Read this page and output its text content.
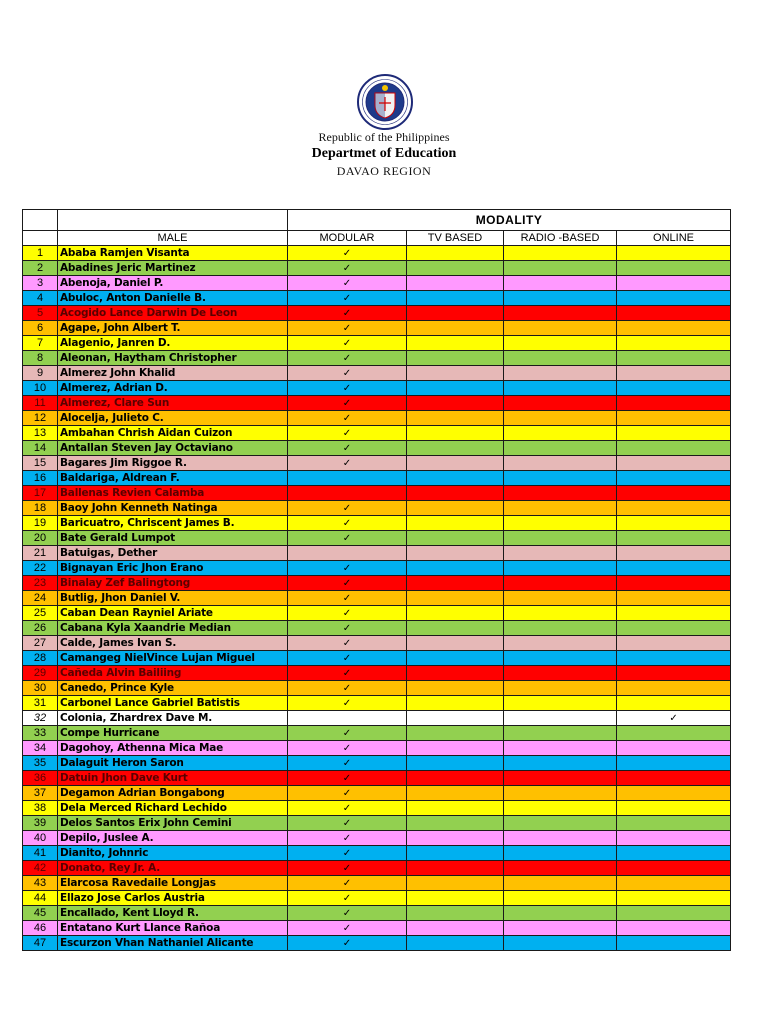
Republic of the Philippines
Departmet of Education
DAVAO REGION
		MODALITY			
	MALE	MODULAR	TV BASED	RADIO -BASED	ONLINE
1	Ababa Ramjen Visanta	✓			
2	Abadines Jeric Martinez	✓			
3	Abenoja, Daniel P.	✓			
4	Abuloc, Anton Danielle B.	✓			
5	Acogido Lance Darwin De Leon	✓			
6	Agape, John Albert T.	✓			
7	Alagenio, Janren D.	✓			
8	Aleonan, Haytham Christopher	✓			
9	Almerez John Khalid	✓			
10	Almerez, Adrian D.	✓			
11	Almerez, Clare Sun	✓			
12	Alocelja, Julieto C.	✓			
13	Ambahan Chrish Aidan Cuizon	✓			
14	Antallan Steven Jay Octaviano	✓			
15	Bagares Jim Riggoe R.	✓			
16	Baldariga, Aldrean F.				
17	Ballenas Revien Calamba				
18	Baoy John Kenneth Natinga	✓			
19	Baricuatro, Chriscent James B.	✓			
20	Bate Gerald Lumpot	✓			
21	Batuigas, Dether				
22	Bignayan Eric Jhon Erano	✓			
23	Binalay Zef Balingtong	✓			
24	Butlig, Jhon Daniel V.	✓			
25	Caban Dean Rayniel Ariate	✓			
26	Cabana Kyla Xaandrie Median	✓			
27	Calde, James Ivan S.	✓			
28	Camangeg NielVince Lujan Miguel	✓			
29	Cañeda Alvin Bailiing	✓			
30	Canedo, Prince Kyle	✓			
31	Carbonel Lance Gabriel Batistis	✓			
32	Colonia, Zhardrex Dave M.				✓
33	Compe Hurricane	✓			
34	Dagohoy, Athenna Mica Mae	✓			
35	Dalaguit Heron Saron	✓			
36	Datuin Jhon Dave Kurt	✓			
37	Degamon Adrian Bongabong	✓			
38	Dela Merced Richard Lechido	✓			
39	Delos Santos Erix John Cemini	✓			
40	Depilo, Juslee A.	✓			
41	Dianito, Johnric	✓			
42	Donato, Rey Jr. A.	✓			
43	Elarcosa Ravedaile Longjas	✓			
44	Ellazo Jose Carlos Austria	✓			
45	Encallado, Kent Lloyd R.	✓			
46	Entatano Kurt Llance Rañoa	✓			
47	Escurzon Vhan Nathaniel Alicante	✓			
